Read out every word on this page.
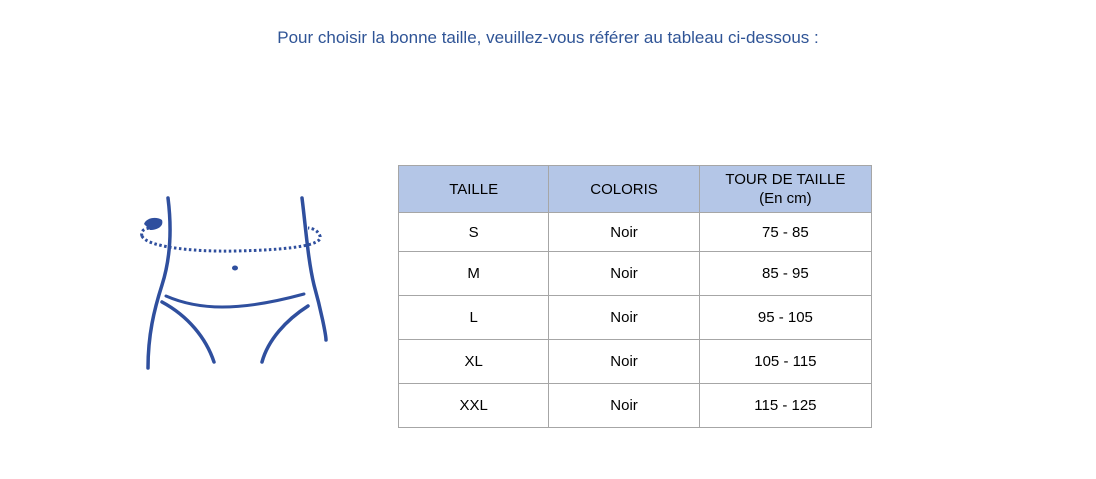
Pour choisir la bonne taille, veuillez-vous référer au tableau ci-dessous :
TAILLE	COLORIS	TOUR DE TAILLE
(En cm)

S	Noir	75 - 85
M	Noir	85 - 95
L	Noir	95 - 105
XL	Noir	105 - 115
XXL	Noir	115 - 125
